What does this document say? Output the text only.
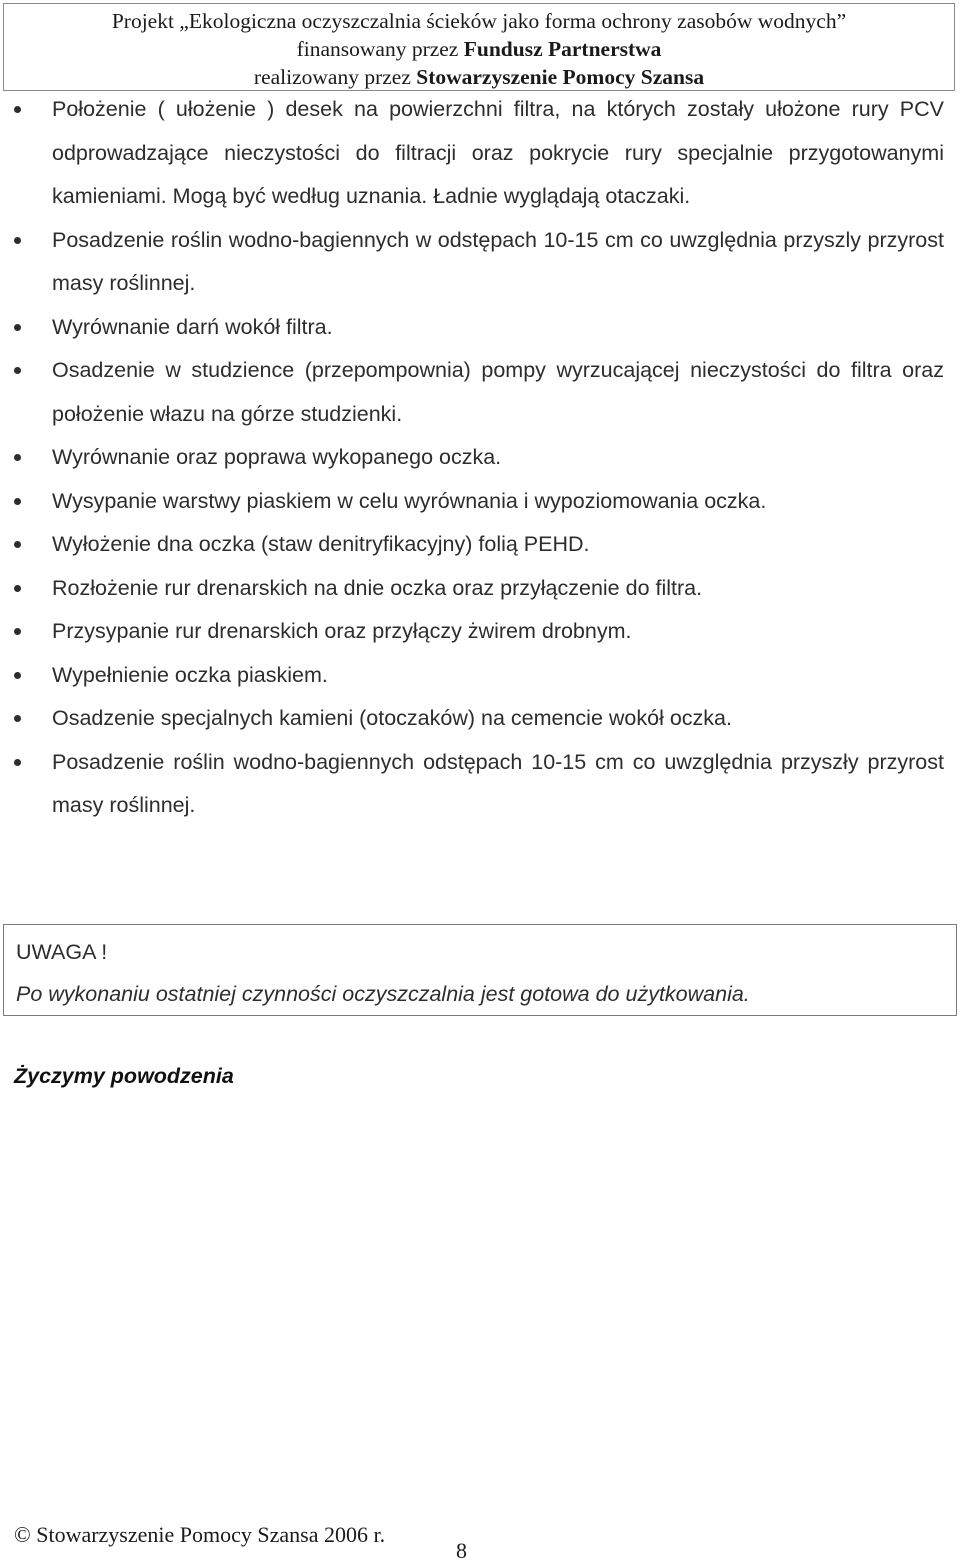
Projekt „Ekologiczna oczyszczalnia ścieków jako forma ochrony zasobów wodnych”
finansowany przez Fundusz Partnerstwa
realizowany przez Stowarzyszenie Pomocy Szansa
Położenie ( ułożenie ) desek na powierzchni filtra, na których zostały ułożone rury PCV odprowadzające nieczystości do filtracji oraz pokrycie rury specjalnie przygotowanymi kamieniami. Mogą być według uznania. Ładnie wyglądają otaczaki.
Posadzenie roślin wodno-bagiennych w odstępach 10-15 cm co uwzględnia przyszly przyrost masy roślinnej.
Wyrównanie darń wokół filtra.
Osadzenie w studzience (przepompownia) pompy wyrzucającej nieczystości do filtra oraz położenie włazu na górze studzienki.
Wyrównanie oraz poprawa wykopanego oczka.
Wysypanie warstwy piaskiem w celu wyrównania i wypoziomowania oczka.
Wyłożenie dna oczka (staw denitryfikacyjny) folią PEHD.
Rozłożenie rur drenarskich na dnie oczka oraz przyłączenie do filtra.
Przysypanie rur drenarskich oraz przyłączy żwirem drobnym.
Wypełnienie oczka piaskiem.
Osadzenie specjalnych kamieni (otoczaków) na cemencie wokół oczka.
Posadzenie roślin wodno-bagiennych odstępach 10-15 cm co uwzględnia przyszły przyrost masy roślinnej.
UWAGA !
Po wykonaniu ostatniej czynności oczyszczalnia jest gotowa do użytkowania.
Życzymy powodzenia
© Stowarzyszenie Pomocy Szansa 2006 r.
8
